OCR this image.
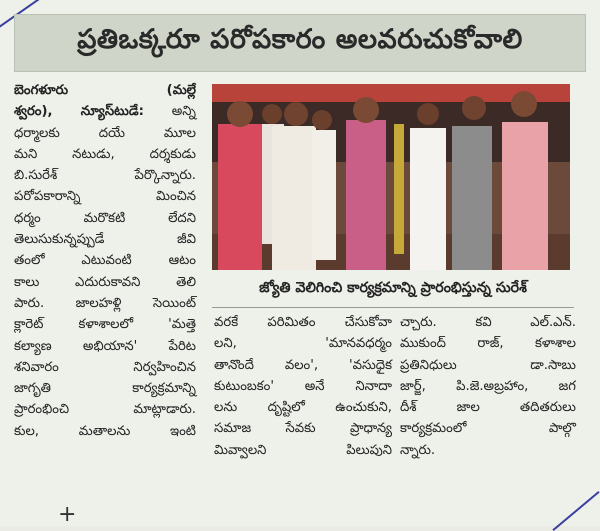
ప్రతిఒక్కరూ పరోపకారం అలవరుచుకోవాలి
బెంగళూరు (మల్లే
శ్వరం), న్యూస్‌టుడే: అన్ని
ధర్మాలకు దయే మూల
మని నటుడు, దర్శకుడు
బి.సురేశ్ పేర్కొన్నారు.
పరోపకారాన్ని మించిన
ధర్మం మరొకటి లేదని
తెలుసుకున్నప్పుడే జీవి
తంలో ఎటువంటి ఆటం
కాలు ఎదురుకావని తెలి
పారు. జాలహళ్లి సెయింట్
క్లారెట్ కళాశాలలో 'మత్తె
కల్యాణ అభియాన' పేరిట
శనివారం నిర్వహించిన
జాగృతి కార్యక్రమాన్ని
ప్రారంభించి మాట్లాడారు.
కుల, మతాలను ఇంటి
జ్యోతి వెలిగించి కార్యక్రమాన్ని ప్రారంభిస్తున్న సురేశ్
వరకే పరిమితం చేసుకోవా
లని, 'మానవధర్మం
తానొందే వలం', 'వసుధైక
కుటుంబకం' అనే నినాదా
లను దృష్టిలో ఉంచుకుని,
సమాజ సేవకు ప్రాధాన్య
మివ్వాలని పిలుపుని
చ్చారు. కవి ఎల్.ఎన్.
ముకుంద్ రాజ్, కళాశాల
ప్రతినిధులు డా.సాబు
జార్జ్, పి.జె.అబ్రహాం, జగ
దీశ్ జాల తదితరులు
కార్యక్రమంలో పాల్గొ
న్నారు.
+
